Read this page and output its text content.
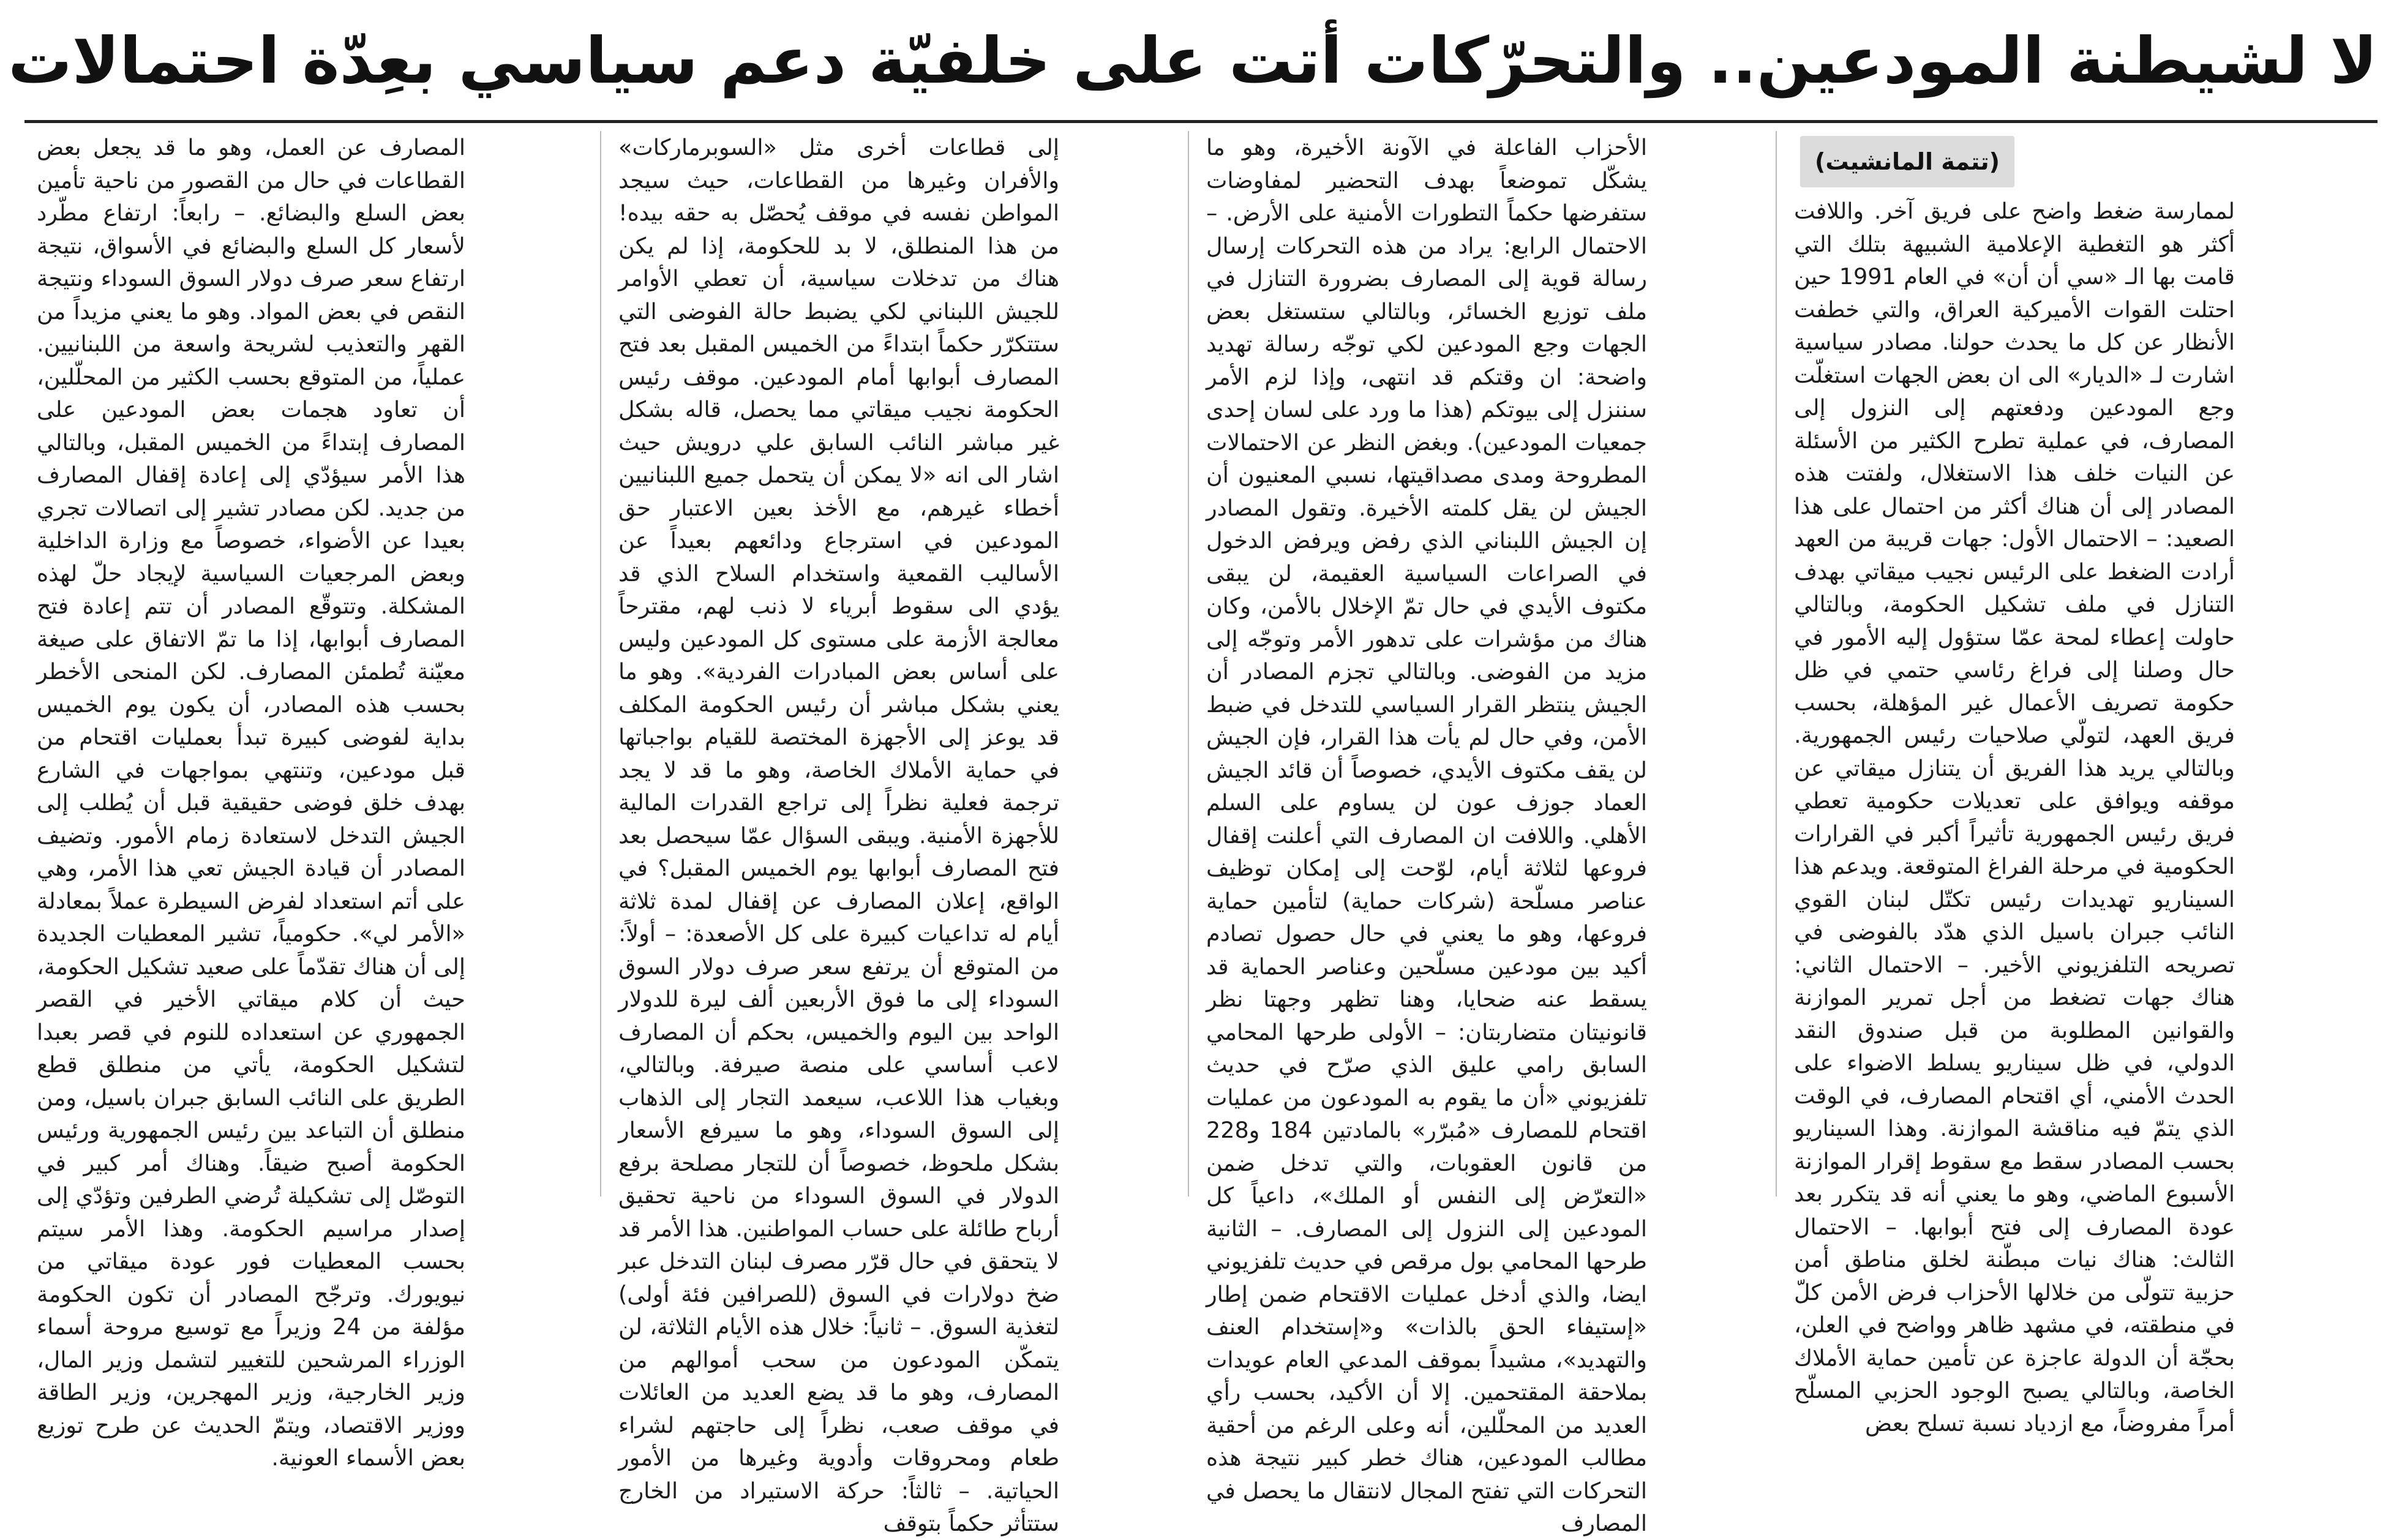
لا لشيطنة المودعين.. والتحرّكات أتت على خلفيّة دعم سياسي بعِدّة احتمالات
(تتمة المانشيت)

لممارسة ضغط واضح على فريق آخر. واللافت أكثر هو التغطية الإعلامية الشبيهة بتلك التي قامت بها الـ «سي أن أن» في العام 1991 حين احتلت القوات الأميركية العراق، والتي خطفت الأنظار عن كل ما يحدث حولنا. مصادر سياسية اشارت لـ «الديار» الى ان بعض الجهات استغلّت وجع المودعين ودفعتهم إلى النزول إلى المصارف، في عملية تطرح الكثير من الأسئلة عن النيات خلف هذا الاستغلال، ولفتت هذه المصادر إلى أن هناك أكثر من احتمال على هذا الصعيد: – الاحتمال الأول: جهات قريبة من العهد أرادت الضغط على الرئيس نجيب ميقاتي بهدف التنازل في ملف تشكيل الحكومة، وبالتالي حاولت إعطاء لمحة عمّا ستؤول إليه الأمور في حال وصلنا إلى فراغ رئاسي حتمي في ظل حكومة تصريف الأعمال غير المؤهلة، بحسب فريق العهد، لتولّي صلاحيات رئيس الجمهورية. وبالتالي يريد هذا الفريق أن يتنازل ميقاتي عن موقفه ويوافق على تعديلات حكومية تعطي فريق رئيس الجمهورية تأثيراً أكبر في القرارات الحكومية في مرحلة الفراغ المتوقعة. ويدعم هذا السيناريو تهديدات رئيس تكتّل لبنان القوي النائب جبران باسيل الذي هدّد بالفوضى في تصريحه التلفزيوني الأخير. – الاحتمال الثاني: هناك جهات تضغط من أجل تمرير الموازنة والقوانين المطلوبة من قبل صندوق النقد الدولي، في ظل سيناريو يسلط الاضواء على الحدث الأمني، أي اقتحام المصارف، في الوقت الذي يتمّ فيه مناقشة الموازنة. وهذا السيناريو بحسب المصادر سقط مع سقوط إقرار الموازنة الأسبوع الماضي، وهو ما يعني أنه قد يتكرر بعد عودة المصارف إلى فتح أبوابها. – الاحتمال الثالث: هناك نيات مبطّنة لخلق مناطق أمن حزبية تتولّى من خلالها الأحزاب فرض الأمن كلّ في منطقته، في مشهد ظاهر وواضح في العلن، بحجّة أن الدولة عاجزة عن تأمين حماية الأملاك الخاصة، وبالتالي يصبح الوجود الحزبي المسلّح أمراً مفروضاً، مع ازدياد نسبة تسلح بعض

الأحزاب الفاعلة في الآونة الأخيرة، وهو ما يشكّل تموضعاً بهدف التحضير لمفاوضات ستفرضها حكماً التطورات الأمنية على الأرض. – الاحتمال الرابع: يراد من هذه التحركات إرسال رسالة قوية إلى المصارف بضرورة التنازل في ملف توزيع الخسائر، وبالتالي ستستغل بعض الجهات وجع المودعين لكي توجّه رسالة تهديد واضحة: ان وقتكم قد انتهى، وإذا لزم الأمر سننزل إلى بيوتكم (هذا ما ورد على لسان إحدى جمعيات المودعين). وبغض النظر عن الاحتمالات المطروحة ومدى مصداقيتها، نسبي المعنيون أن الجيش لن يقل كلمته الأخيرة. وتقول المصادر إن الجيش اللبناني الذي رفض ويرفض الدخول في الصراعات السياسية العقيمة، لن يبقى مكتوف الأيدي في حال تمّ الإخلال بالأمن، وكان هناك من مؤشرات على تدهور الأمر وتوجّه إلى مزيد من الفوضى. وبالتالي تجزم المصادر أن الجيش ينتظر القرار السياسي للتدخل في ضبط الأمن، وفي حال لم يأت هذا القرار، فإن الجيش لن يقف مكتوف الأيدي، خصوصاً أن قائد الجيش العماد جوزف عون لن يساوم على السلم الأهلي. واللافت ان المصارف التي أعلنت إقفال فروعها لثلاثة أيام، لوّحت إلى إمكان توظيف عناصر مسلّحة (شركات حماية) لتأمين حماية فروعها، وهو ما يعني في حال حصول تصادم أكيد بين مودعين مسلّحين وعناصر الحماية قد يسقط عنه ضحايا، وهنا تظهر وجهتا نظر قانونيتان متضاربتان: – الأولى طرحها المحامي السابق رامي عليق الذي صرّح في حديث تلفزيوني «أن ما يقوم به المودعون من عمليات اقتحام للمصارف «مُبرّر» بالمادتين 184 و228 من قانون العقوبات، والتي تدخل ضمن «التعرّض إلى النفس أو الملك»، داعياً كل المودعين إلى النزول إلى المصارف. – الثانية طرحها المحامي بول مرقص في حديث تلفزيوني ايضا، والذي أدخل عمليات الاقتحام ضمن إطار «إستيفاء الحق بالذات» و«إستخدام العنف والتهديد»، مشيداً بموقف المدعي العام عويدات بملاحقة المقتحمين. إلا أن الأكيد، بحسب رأي العديد من المحلّلين، أنه وعلى الرغم من أحقية مطالب المودعين، هناك خطر كبير نتيجة هذه التحركات التي تفتح المجال لانتقال ما يحصل في المصارف

إلى قطاعات أخرى مثل «السوبرماركات» والأفران وغيرها من القطاعات، حيث سيجد المواطن نفسه في موقف يُحصّل به حقه بيده! من هذا المنطلق، لا بد للحكومة، إذا لم يكن هناك من تدخلات سياسية، أن تعطي الأوامر للجيش اللبناني لكي يضبط حالة الفوضى التي ستتكرّر حكماً ابتداءً من الخميس المقبل بعد فتح المصارف أبوابها أمام المودعين. موقف رئيس الحكومة نجيب ميقاتي مما يحصل، قاله بشكل غير مباشر النائب السابق علي درويش حيث اشار الى انه «لا يمكن أن يتحمل جميع اللبنانيين أخطاء غيرهم، مع الأخذ بعين الاعتبار حق المودعين في استرجاع ودائعهم بعيداً عن الأساليب القمعية واستخدام السلاح الذي قد يؤدي الى سقوط أبرياء لا ذنب لهم، مقترحاً معالجة الأزمة على مستوى كل المودعين وليس على أساس بعض المبادرات الفردية». وهو ما يعني بشكل مباشر أن رئيس الحكومة المكلف قد يوعز إلى الأجهزة المختصة للقيام بواجباتها في حماية الأملاك الخاصة، وهو ما قد لا يجد ترجمة فعلية نظراً إلى تراجع القدرات المالية للأجهزة الأمنية. ويبقى السؤال عمّا سيحصل بعد فتح المصارف أبوابها يوم الخميس المقبل؟ في الواقع، إعلان المصارف عن إقفال لمدة ثلاثة أيام له تداعيات كبيرة على كل الأصعدة: – أولاً: من المتوقع أن يرتفع سعر صرف دولار السوق السوداء إلى ما فوق الأربعين ألف ليرة للدولار الواحد بين اليوم والخميس، بحكم أن المصارف لاعب أساسي على منصة صيرفة. وبالتالي، وبغياب هذا اللاعب، سيعمد التجار إلى الذهاب إلى السوق السوداء، وهو ما سيرفع الأسعار بشكل ملحوظ، خصوصاً أن للتجار مصلحة برفع الدولار في السوق السوداء من ناحية تحقيق أرباح طائلة على حساب المواطنين. هذا الأمر قد لا يتحقق في حال قرّر مصرف لبنان التدخل عبر ضخ دولارات في السوق (للصرافين فئة أولى) لتغذية السوق. – ثانياً: خلال هذه الأيام الثلاثة، لن يتمكّن المودعون من سحب أموالهم من المصارف، وهو ما قد يضع العديد من العائلات في موقف صعب، نظراً إلى حاجتهم لشراء طعام ومحروقات وأدوية وغيرها من الأمور الحياتية. – ثالثاً: حركة الاستيراد من الخارج ستتأثر حكماً بتوقف

المصارف عن العمل، وهو ما قد يجعل بعض القطاعات في حال من القصور من ناحية تأمين بعض السلع والبضائع. – رابعاً: ارتفاع مطّرد لأسعار كل السلع والبضائع في الأسواق، نتيجة ارتفاع سعر صرف دولار السوق السوداء ونتيجة النقص في بعض المواد. وهو ما يعني مزيداً من القهر والتعذيب لشريحة واسعة من اللبنانيين. عملياً، من المتوقع بحسب الكثير من المحلّلين، أن تعاود هجمات بعض المودعين على المصارف إبتداءً من الخميس المقبل، وبالتالي هذا الأمر سيؤدّي إلى إعادة إقفال المصارف من جديد. لكن مصادر تشير إلى اتصالات تجري بعيدا عن الأضواء، خصوصاً مع وزارة الداخلية وبعض المرجعيات السياسية لإيجاد حلّ لهذه المشكلة. وتتوقّع المصادر أن تتم إعادة فتح المصارف أبوابها، إذا ما تمّ الاتفاق على صيغة معيّنة تُطمئن المصارف. لكن المنحى الأخطر بحسب هذه المصادر، أن يكون يوم الخميس بداية لفوضى كبيرة تبدأ بعمليات اقتحام من قبل مودعين، وتنتهي بمواجهات في الشارع بهدف خلق فوضى حقيقية قبل أن يُطلب إلى الجيش التدخل لاستعادة زمام الأمور. وتضيف المصادر أن قيادة الجيش تعي هذا الأمر، وهي على أتم استعداد لفرض السيطرة عملاً بمعادلة «الأمر لي». حكومياً، تشير المعطيات الجديدة إلى أن هناك تقدّماً على صعيد تشكيل الحكومة، حيث أن كلام ميقاتي الأخير في القصر الجمهوري عن استعداده للنوم في قصر بعبدا لتشكيل الحكومة، يأتي من منطلق قطع الطريق على النائب السابق جبران باسيل، ومن منطلق أن التباعد بين رئيس الجمهورية ورئيس الحكومة أصبح ضيقاً. وهناك أمر كبير في التوصّل إلى تشكيلة تُرضي الطرفين وتؤدّي إلى إصدار مراسيم الحكومة. وهذا الأمر سيتم بحسب المعطيات فور عودة ميقاتي من نيويورك. وترجّح المصادر أن تكون الحكومة مؤلفة من 24 وزيراً مع توسيع مروحة أسماء الوزراء المرشحين للتغيير لتشمل وزير المال، وزير الخارجية، وزير المهجرين، وزير الطاقة ووزير الاقتصاد، ويتمّ الحديث عن طرح توزيع بعض الأسماء العونية.
